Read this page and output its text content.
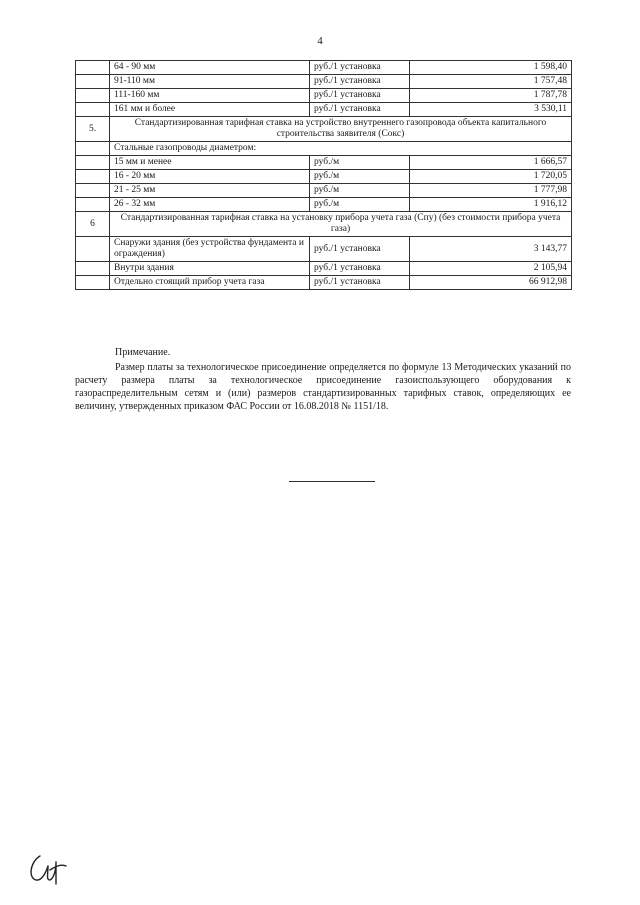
4
	64 - 90 мм	руб./1 установка	1 598,40
	91-110 мм	руб./1 установка	1 757,48
	111-160 мм	руб./1 установка	1 787,78
	161 мм и более	руб./1 установка	3 530,11
5.	Стандартизированная тарифная ставка на устройство внутреннего газопровода объекта капитального строительства заявителя (Cокс)		
	Стальные газопроводы диаметром:		
	15 мм и менее	руб./м	1 666,57
	16 - 20 мм	руб./м	1 720,05
	21 - 25 мм	руб./м	1 777,98
	26 - 32 мм	руб./м	1 916,12
6	Стандартизированная тарифная ставка на установку прибора учета газа (Cпу) (без стоимости прибора учета газа)		
	Снаружи здания (без устройства фундамента и ограждения)	руб./1 установка	3 143,77
	Внутри здания	руб./1 установка	2 105,94
	Отдельно стоящий прибор учета газа	руб./1 установка	66 912,98

Примечание.

Размер платы за технологическое присоединение определяется по формуле 13 Методических указаний по расчету размера платы за технологическое присоединение газоиспользующего оборудования к газораспределительным сетям и (или) размеров стандартизированных тарифных ставок, определяющих ее величину, утвержденных приказом ФАС России от 16.08.2018 № 1151/18.
